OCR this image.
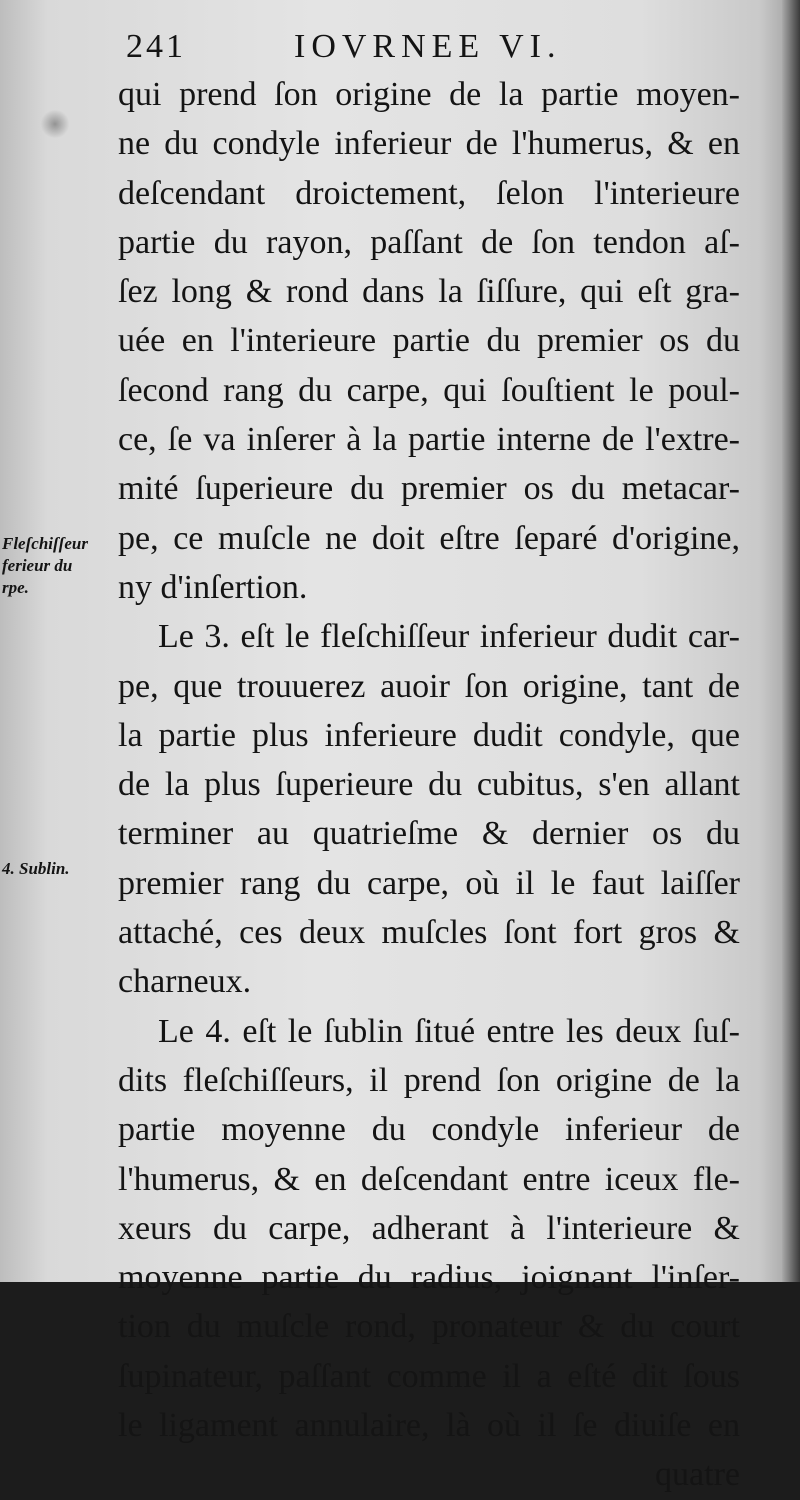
241	IOVRNEE VI.
Fleſchiſſeur
ferieur du
rpe.
4. Sublin.
qui prend ſon origine de la partie moyen-
ne du condyle inferieur de l'humerus, & en
deſcendant droictement, ſelon l'interieure
partie du rayon, paſſant de ſon tendon aſ-
ſez long & rond dans la ſiſſure, qui eſt gra-
uée en l'interieure partie du premier os du
ſecond rang du carpe, qui ſouſtient le poul-
ce, ſe va inſerer à la partie interne de l'extre-
mité ſuperieure du premier os du metacar-
pe, ce muſcle ne doit eſtre ſeparé d'origine,
ny d'inſertion.
Le 3. eſt le fleſchiſſeur inferieur dudit car-
pe, que trouuerez auoir ſon origine, tant de
la partie plus inferieure dudit condyle, que
de la plus ſuperieure du cubitus, s'en allant
terminer au quatrieſme & dernier os du
premier rang du carpe, où il le faut laiſſer
attaché, ces deux muſcles ſont fort gros &
charneux.
Le 4. eſt le ſublin ſitué entre les deux ſuſ-
dits fleſchiſſeurs, il prend ſon origine de la
partie moyenne du condyle inferieur de
l'humerus, & en deſcendant entre iceux fle-
xeurs du carpe, adherant à l'interieure &
moyenne partie du radius, joignant l'inſer-
tion du muſcle rond, pronateur & du court
ſupinateur, paſſant comme il a eſté dit ſous
le ligament annulaire, là où il ſe diuiſe en
quatre
